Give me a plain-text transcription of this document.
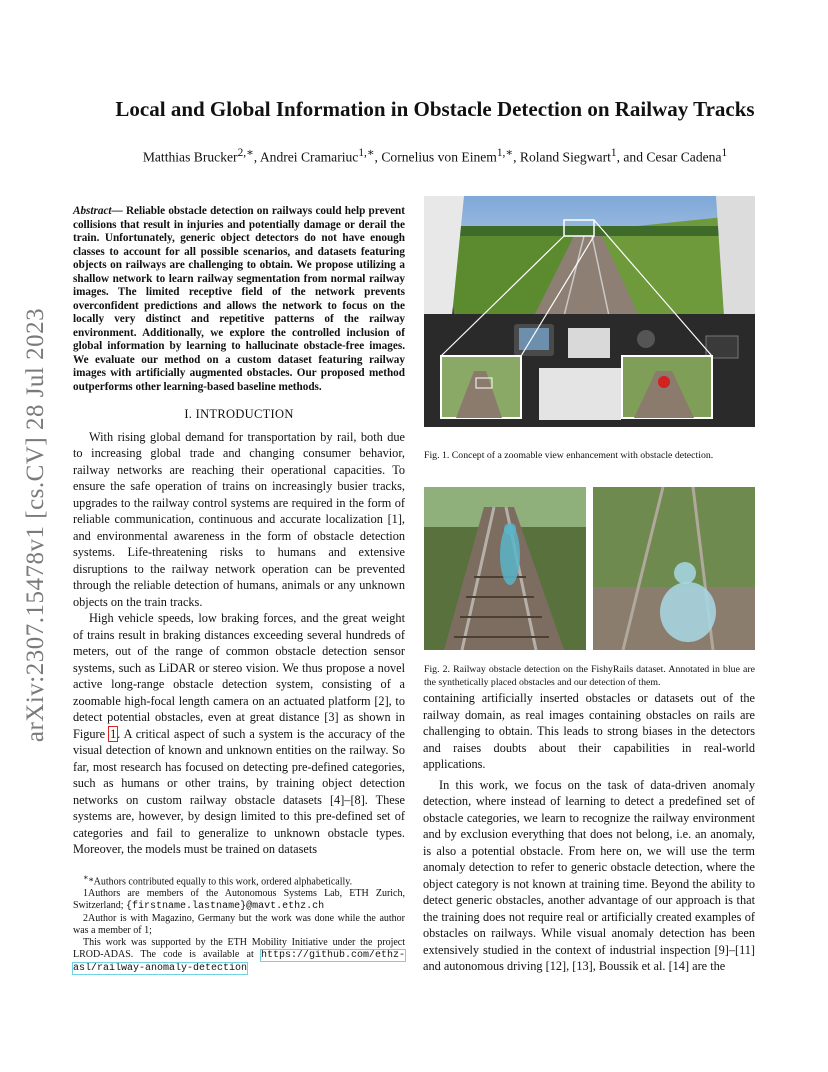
arXiv:2307.15478v1 [cs.CV] 28 Jul 2023
Local and Global Information in Obstacle Detection on Railway Tracks
Matthias Brucker$^{2,∗}$, Andrei Cramariuc$^{1,∗}$, Cornelius von Einem$^{1,∗}$, Roland Siegwart$^1$, and Cesar Cadena$^1$
Abstract— Reliable obstacle detection on railways could help prevent collisions that result in injuries and potentially damage or derail the train. Unfortunately, generic object detectors do not have enough classes to account for all possible scenarios, and datasets featuring objects on railways are challenging to obtain. We propose utilizing a shallow network to learn railway segmentation from normal railway images. The limited receptive field of the network prevents overconfident predictions and allows the network to focus on the locally very distinct and repetitive patterns of the railway environment. Additionally, we explore the controlled inclusion of global information by learning to hallucinate obstacle-free images. We evaluate our method on a custom dataset featuring railway images with artificially augmented obstacles. Our proposed method outperforms other learning-based baseline methods.
I. INTRODUCTION

With rising global demand for transportation by rail, both due to increasing global trade and changing consumer behavior, railway networks are reaching their operational capacities. To ensure the safe operation of trains on increasingly busier tracks, upgrades to the railway control systems are required in the form of reliable communication, continuous and accurate localization [1], and environmental awareness in the form of obstacle detection systems. Life-threatening risks to humans and extensive disruptions to the railway network operation can be prevented through the reliable detection of humans, animals or any unknown objects on the train tracks.

High vehicle speeds, low braking forces, and the great weight of trains result in braking distances exceeding several hundreds of meters, out of the range of common obstacle detection sensor systems, such as LiDAR or stereo vision. We thus propose a novel active long-range obstacle detection system, consisting of a zoomable high-focal length camera on an actuated platform [2], to detect potential obstacles, even at great distance [3] as shown in Figure 1. A critical aspect of such a system is the accuracy of the visual detection of known and unknown entities on the railway. So far, most research has focused on detecting pre-defined categories, such as humans or other trains, by training object detection networks on custom railway obstacle datasets [4]–[8]. These systems are, however, by design limited to this pre-defined set of categories and fail to generalize to unknown obstacle types. Moreover, the models must be trained on datasets

∗*Authors contributed equally to this work, ordered alphabetically.
1Authors are members of the Autonomous Systems Lab, ETH Zurich, Switzerland; {firstname.lastname}@mavt.ethz.ch
2Author is with Magazino, Germany but the work was done while the author was a member of 1;
This work was supported by the ETH Mobility Initiative under the project LROD-ADAS. The code is available at https://github.com/ethz-asl/railway-anomaly-detection
Fig. 1. Concept of a zoomable view enhancement with obstacle detection.
Fig. 2. Railway obstacle detection on the FishyRails dataset. Annotated in blue are the synthetically placed obstacles and our detection of them.

containing artificially inserted obstacles or datasets out of the railway domain, as real images containing obstacles on rails are challenging to obtain. This leads to strong biases in the detectors and raises doubts about their capabilities in real-world applications.

In this work, we focus on the task of data-driven anomaly detection, where instead of learning to detect a predefined set of obstacle categories, we learn to recognize the railway environment and by exclusion everything that does not belong, i.e. an anomaly, is also a potential obstacle. From here on, we will use the term anomaly detection to refer to generic obstacle detection, where the object category is not known at training time. Beyond the ability to detect generic obstacles, another advantage of our approach is that the training does not require real or artificially created examples of obstacles on railways. While visual anomaly detection has been extensively studied in the context of industrial inspection [9]–[11] and autonomous driving [12], [13], Boussik et al. [14] are the
